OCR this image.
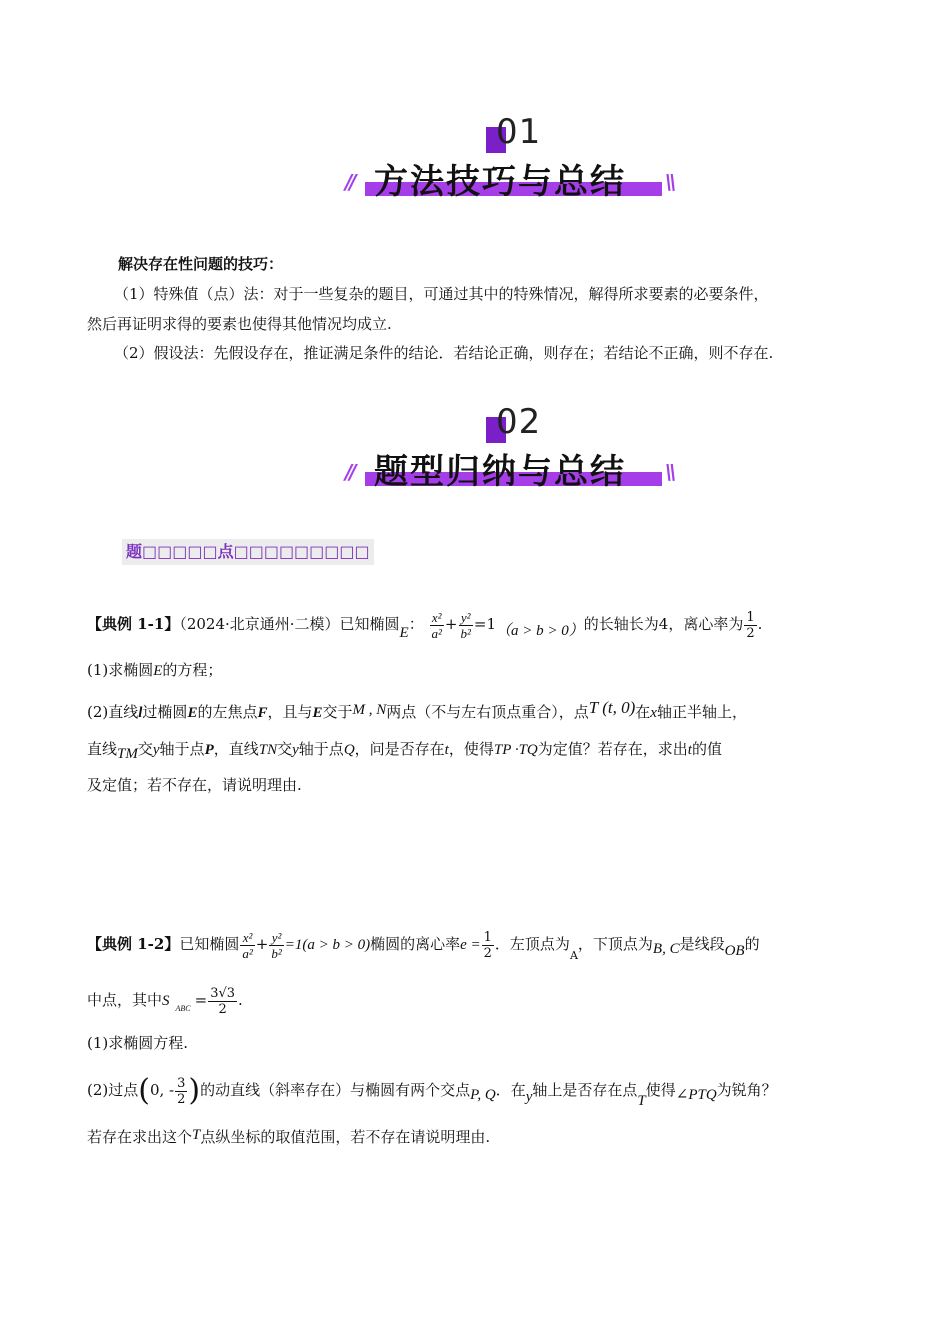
01
// 方法技巧与总结 \\
解决存在性问题的技巧：
（1）特殊值（点）法：对于一些复杂的题目，可通过其中的特殊情况，解得所求要素的必要条件，
然后再证明求得的要素也使得其他情况均成立.
（2）假设法：先假设存在，推证满足条件的结论．若结论正确，则存在；若结论不正确，则不存在.
02
// 题型归纳与总结 \\
题□□□□□点□□□□□□□□□
【典例 1-1】（2024·北京通州·二模）已知椭圆E： $\frac{\text{x²}}{\text{a²}} + \frac{\text{y²}}{\text{b²}} =1(a > b > 0)$的长轴长为4，离心率为 $\frac{1}{2}$ .
(1)求椭圆E的方程；
(2)直线l过椭圆E的左焦点F，且与E交于M , N两点（不与左右顶点重合），点T (t, 0)在x轴正半轴上，
直线TM交y轴于点P，直线TN交y轴于点Q，问是否存在t，使得TP ·TQ为定值？若存在，求出t的值
及定值；若不存在，请说明理由.
【典例 1-2】已知椭圆 $\frac{\text{x²}}{\text{a²}} + \frac{\text{y²}}{\text{b²}} =1(a > b > 0)$椭圆的离心率$e = \frac{1}{2}$ ．左顶点为$_A$，下顶点为B, C是线段OB的
中点，其中S $_{ABC} = \frac{3√3}{2}$ .
(1)求椭圆方程.
(2)过点(0, - $\frac{3}{2}$ )的动直线（斜率存在）与椭圆有两个交点P, Q．在y轴上是否存在点T使得∠PTQ为锐角？
若存在求出这个T点纵坐标的取值范围，若不存在请说明理由.
